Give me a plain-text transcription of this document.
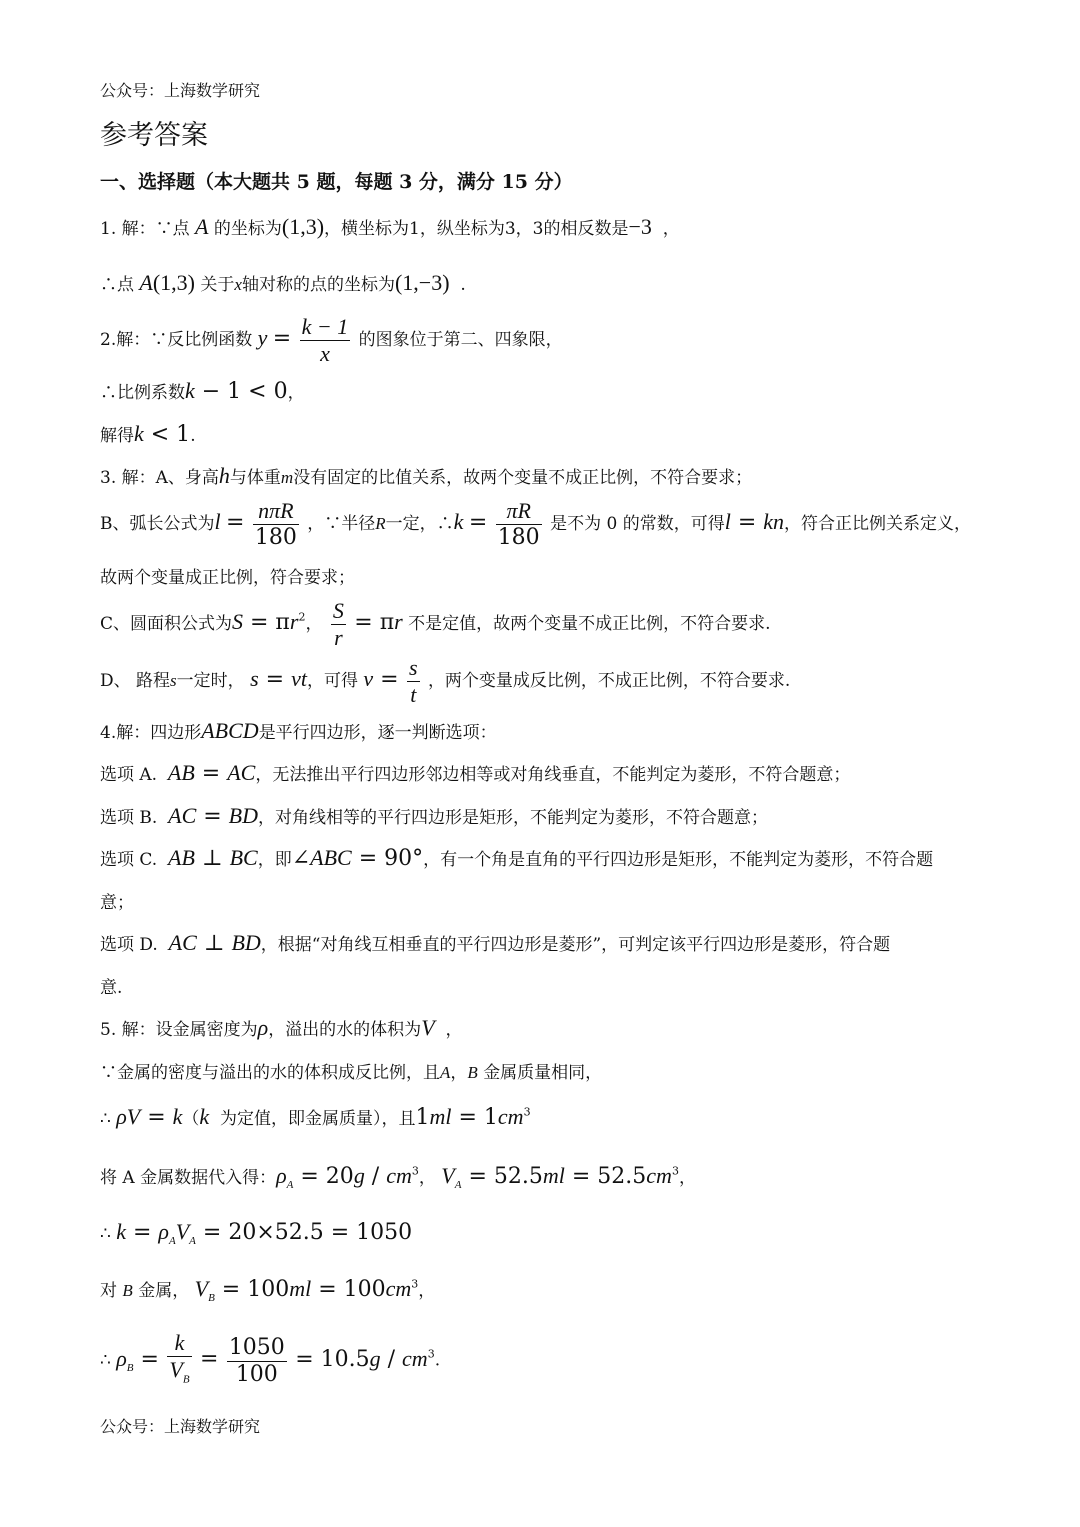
公众号：上海数学研究
参考答案
一、选择题（本大题共 5 题，每题 3 分，满分 15 分）
1. 解：∵点 A 的坐标为(1,3)，横坐标为1，纵坐标为3，3的相反数是−3 ，
∴点 A(1,3) 关于x轴对称的点的坐标为(1,−3) .
2.解：∵反比例函数 $y = \frac{k - 1}{x}$ 的图象位于第二、四象限，
∴比例系数k − 1 < 0，
解得k < 1.
3. 解：A、身高h与体重m没有固定的比值关系，故两个变量不成正比例，不符合要求；
B、弧长公式为$l = \frac{\text{nπR}}{180}$ ，∵半径R一定，∴k = $\frac{\pi R}{180}$ 是不为 0 的常数，可得l = kn，符合正比例关系定义，
故两个变量成正比例，符合要求；
C、圆面积公式为$S = \pi r^2$， $\frac{S}{r} = \pi r$ 不是定值，故两个变量不成正比例，不符合要求.
D、 路程s一定时， s = vt，可得 $v = \frac{s}{t}$ ，两个变量成反比例，不成正比例，不符合要求.
4.解：四边形ABCD是平行四边形，逐一判断选项：
选项 A. AB = AC，无法推出平行四边形邻边相等或对角线垂直，不能判定为菱形，不符合题意；
选项 B. AC = BD，对角线相等的平行四边形是矩形，不能判定为菱形，不符合题意；
选项 C. AB ⊥ BC，即∠ABC = 90°，有一个角是直角的平行四边形是矩形，不能判定为菱形，不符合题
意；
选项 D. AC ⊥ BD，根据“对角线互相垂直的平行四边形是菱形”，可判定该平行四边形是菱形，符合题
意.
5. 解：设金属密度为ρ，溢出的水的体积为V ，
∵金属的密度与溢出的水的体积成反比例，且A，B 金属质量相同，
∴ ρV = k（k 为定值，即金属质量），且$1ml = 1cm^3$
将 A 金属数据代入得：$\rho_A = 20g / cm^3$， $V_A = 52.5ml = 52.5cm^3$，
∴ $k = \rho_AV_A = 20\times 52.5 = 1050$
对 B 金属， $V_B = 100ml = 100cm^3$，
∴ $\rho_B = \frac{k}{V_B} = \frac{1050}{100} = 10.5g / cm^3$.
公众号：上海数学研究
